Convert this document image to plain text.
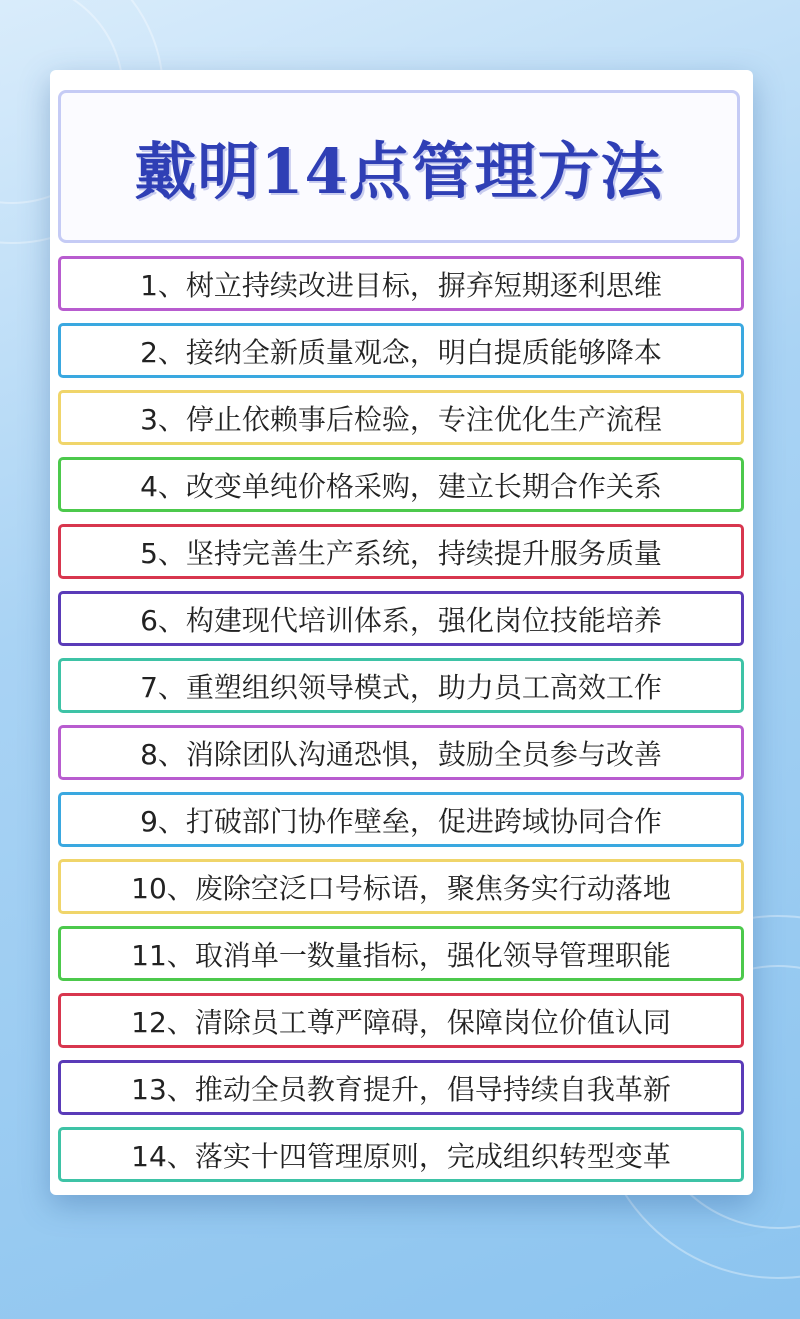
戴明14点管理方法
1、 树立持续改进目标，摒弃短期逐利思维
2、 接纳全新质量观念，明白提质能够降本
3、 停止依赖事后检验，专注优化生产流程
4、 改变单纯价格采购，建立长期合作关系
5、 坚持完善生产系统，持续提升服务质量
6、 构建现代培训体系，强化岗位技能培养
7、 重塑组织领导模式，助力员工高效工作
8、 消除团队沟通恐惧，鼓励全员参与改善
9、 打破部门协作壁垒，促进跨域协同合作
10、 废除空泛口号标语，聚焦务实行动落地
11、 取消单一数量指标，强化领导管理职能
12、 清除员工尊严障碍，保障岗位价值认同
13、 推动全员教育提升，倡导持续自我革新
14、 落实十四管理原则，完成组织转型变革
